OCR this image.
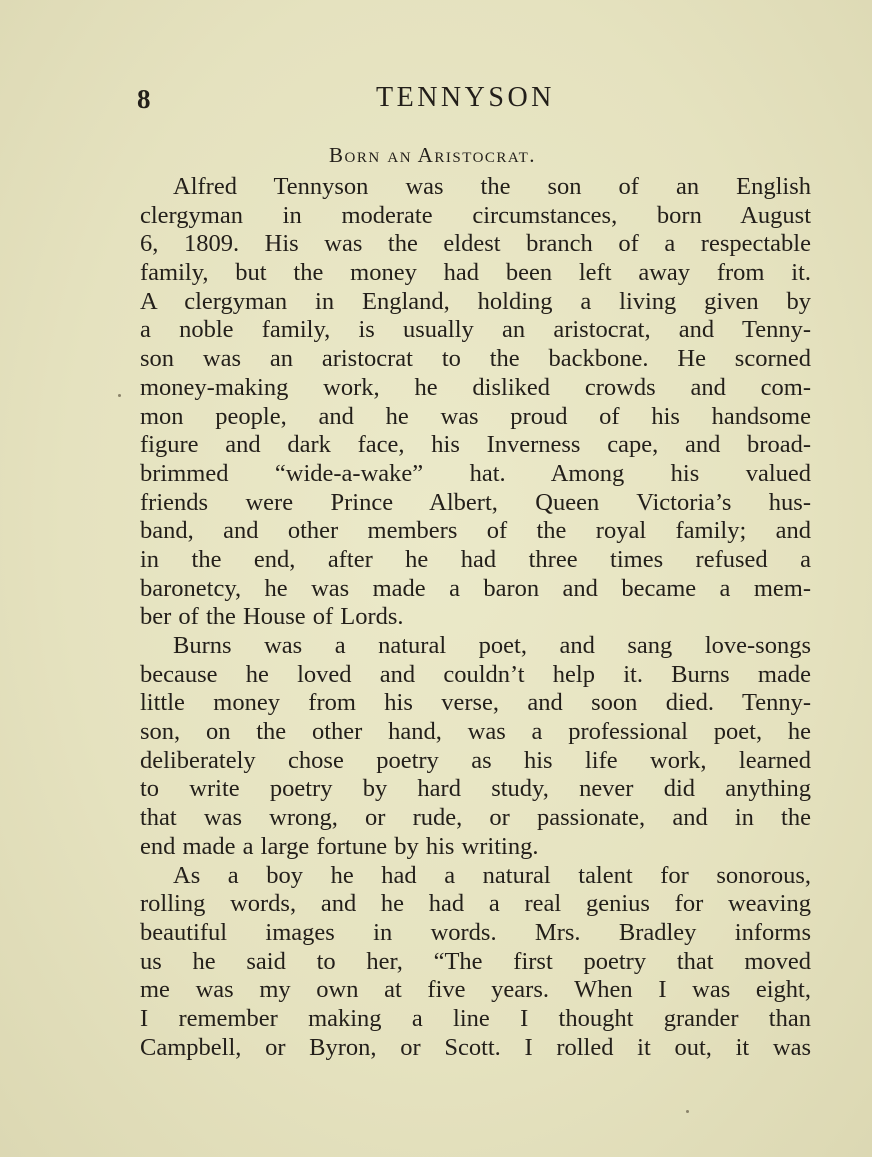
8	TENNYSON
Born an Aristocrat.
Alfred Tennyson was the son of an English
clergyman in moderate circumstances, born August
6, 1809. His was the eldest branch of a respectable
family, but the money had been left away from it.
A clergyman in England, holding a living given by
a noble family, is usually an aristocrat, and Tenny-
son was an aristocrat to the backbone. He scorned
money-making work, he disliked crowds and com-
mon people, and he was proud of his handsome
figure and dark face, his Inverness cape, and broad-
brimmed “wide-a-wake” hat. Among his valued
friends were Prince Albert, Queen Victoria’s hus-
band, and other members of the royal family; and
in the end, after he had three times refused a
baronetcy, he was made a baron and became a mem-
ber of the House of Lords.
Burns was a natural poet, and sang love-songs
because he loved and couldn’t help it. Burns made
little money from his verse, and soon died. Tenny-
son, on the other hand, was a professional poet, he
deliberately chose poetry as his life work, learned
to write poetry by hard study, never did anything
that was wrong, or rude, or passionate, and in the
end made a large fortune by his writing.
As a boy he had a natural talent for sonorous,
rolling words, and he had a real genius for weaving
beautiful images in words. Mrs. Bradley informs
us he said to her, “The first poetry that moved
me was my own at five years. When I was eight,
I remember making a line I thought grander than
Campbell, or Byron, or Scott. I rolled it out, it was
